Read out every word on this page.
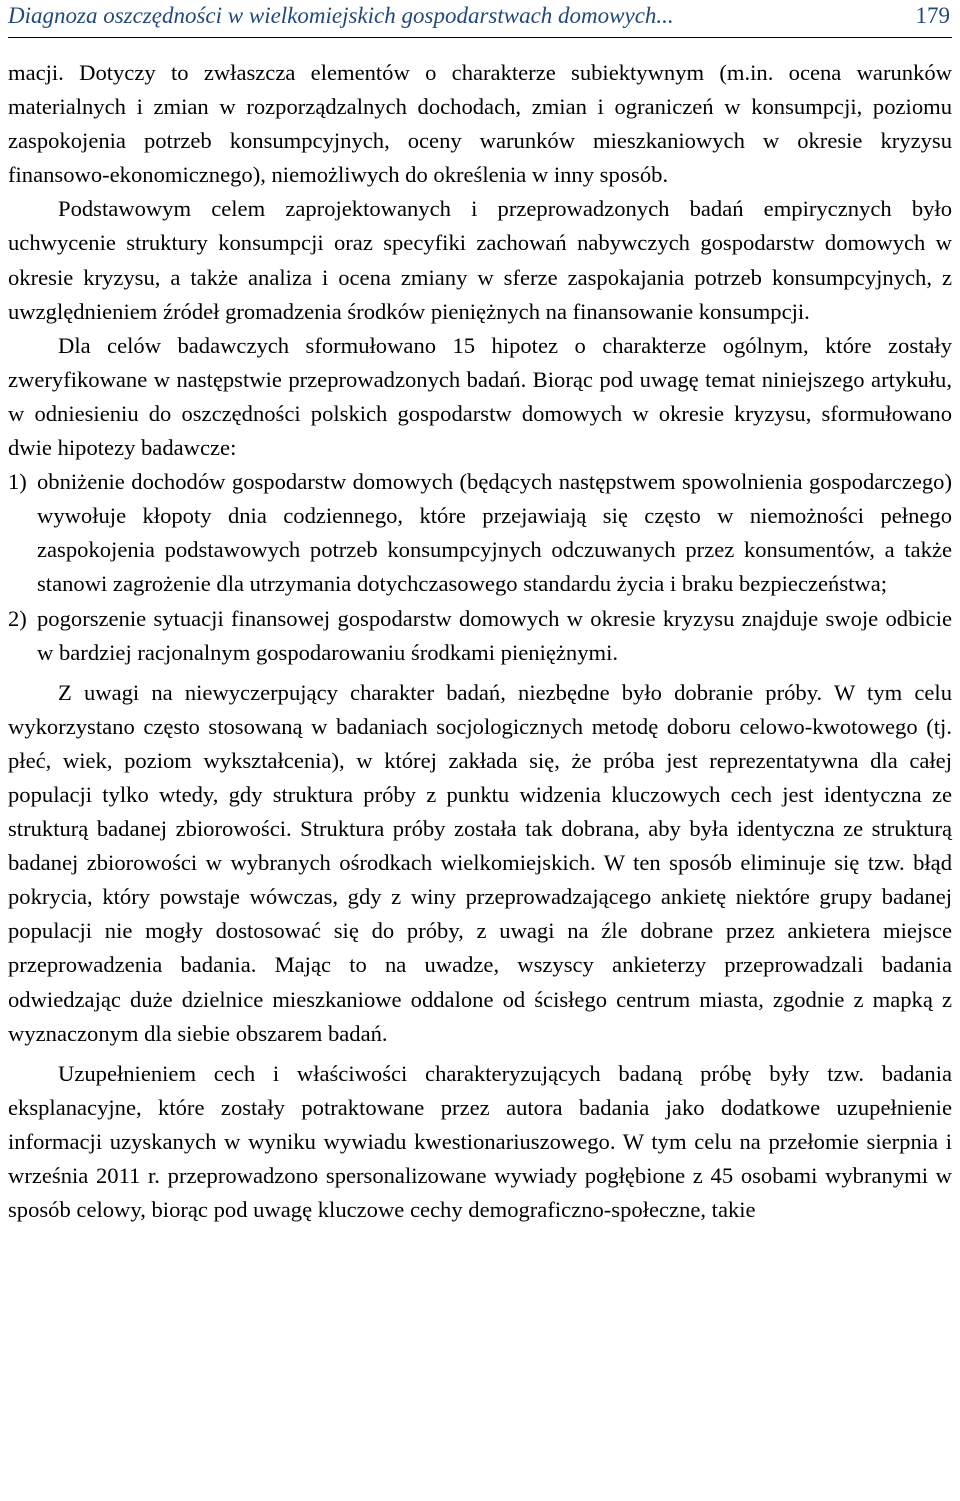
Diagnoza oszczędności w wielkomiejskich gospodarstwach domowych...	179

macji. Dotyczy to zwłaszcza elementów o charakterze subiektywnym (m.in. ocena warunków materialnych i zmian w rozporządzalnych dochodach, zmian i ograniczeń w konsumpcji, poziomu zaspokojenia potrzeb konsumpcyjnych, oceny warunków mieszkaniowych w okresie kryzysu finansowo-ekonomicznego), niemożliwych do określenia w inny sposób.

Podstawowym celem zaprojektowanych i przeprowadzonych badań empirycznych było uchwycenie struktury konsumpcji oraz specyfiki zachowań nabywczych gospodarstw domowych w okresie kryzysu, a także analiza i ocena zmiany w sferze zaspokajania potrzeb konsumpcyjnych, z uwzględnieniem źródeł gromadzenia środków pieniężnych na finansowanie konsumpcji.

Dla celów badawczych sformułowano 15 hipotez o charakterze ogólnym, które zostały zweryfikowane w następstwie przeprowadzonych badań. Biorąc pod uwagę temat niniejszego artykułu, w odniesieniu do oszczędności polskich gospodarstw domowych w okresie kryzysu, sformułowano dwie hipotezy badawcze:

1) obniżenie dochodów gospodarstw domowych (będących następstwem spowolnienia gospodarczego) wywołuje kłopoty dnia codziennego, które przejawiają się często w niemożności pełnego zaspokojenia podstawowych potrzeb konsumpcyjnych odczuwanych przez konsumentów, a także stanowi zagrożenie dla utrzymania dotychczasowego standardu życia i braku bezpieczeństwa;
2) pogorszenie sytuacji finansowej gospodarstw domowych w okresie kryzysu znajduje swoje odbicie w bardziej racjonalnym gospodarowaniu środkami pieniężnymi.

Z uwagi na niewyczerpujący charakter badań, niezbędne było dobranie próby. W tym celu wykorzystano często stosowaną w badaniach socjologicznych metodę doboru celowo-kwotowego (tj. płeć, wiek, poziom wykształcenia), w której zakłada się, że próba jest reprezentatywna dla całej populacji tylko wtedy, gdy struktura próby z punktu widzenia kluczowych cech jest identyczna ze strukturą badanej zbiorowości. Struktura próby została tak dobrana, aby była identyczna ze strukturą badanej zbiorowości w wybranych ośrodkach wielkomiejskich. W ten sposób eliminuje się tzw. błąd pokrycia, który powstaje wówczas, gdy z winy przeprowadzającego ankietę niektóre grupy badanej populacji nie mogły dostosować się do próby, z uwagi na źle dobrane przez ankietera miejsce przeprowadzenia badania. Mając to na uwadze, wszyscy ankieterzy przeprowadzali badania odwiedzając duże dzielnice mieszkaniowe oddalone od ścisłego centrum miasta, zgodnie z mapką z wyznaczonym dla siebie obszarem badań.

Uzupełnieniem cech i właściwości charakteryzujących badaną próbę były tzw. badania eksplanacyjne, które zostały potraktowane przez autora badania jako dodatkowe uzupełnienie informacji uzyskanych w wyniku wywiadu kwestionariuszowego. W tym celu na przełomie sierpnia i września 2011 r. przeprowadzono spersonalizowane wywiady pogłębione z 45 osobami wybranymi w sposób celowy, biorąc pod uwagę kluczowe cechy demograficzno-społeczne, takie
